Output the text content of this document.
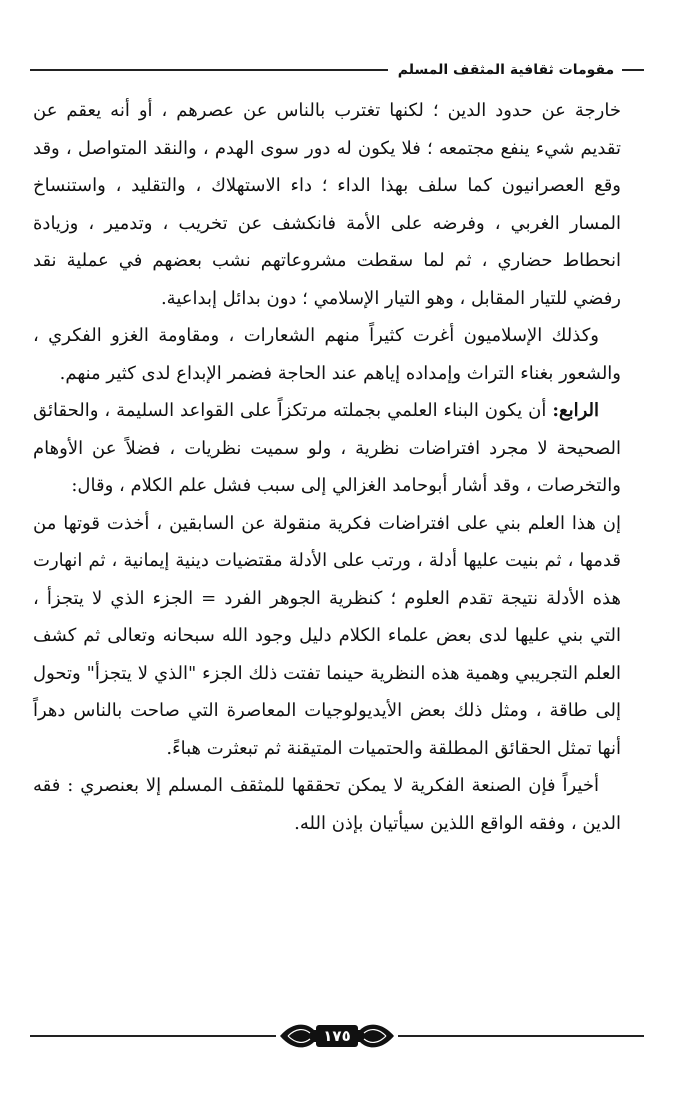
مقومات ثقافية المثقف المسلم

خارجة عن حدود الدين ؛ لكنها تغترب بالناس عن عصرهم ، أو أنه يعقم عن تقديم شيء ينفع مجتمعه ؛ فلا يكون له دور سوى الهدم ، والنقد المتواصل ، وقد وقع العصرانيون كما سلف بهذا الداء ؛ داء الاستهلاك ، والتقليد ، واستنساخ المسار الغربي ، وفرضه على الأمة فانكشف عن تخريب ، وتدمير ، وزيادة انحطاط حضاري ، ثم لما سقطت مشروعاتهم نشب بعضهم في عملية نقد رفضي للتيار المقابل ، وهو التيار الإسلامي ؛ دون بدائل إبداعية.

وكذلك الإسلاميون أغرت كثيراً منهم الشعارات ، ومقاومة الغزو الفكري ، والشعور بغناء التراث وإمداده إياهم عند الحاجة فضمر الإبداع لدى كثير منهم.

الرابع: أن يكون البناء العلمي بجملته مرتكزاً على القواعد السليمة ، والحقائق الصحيحة لا مجرد افتراضات نظرية ، ولو سميت نظريات ، فضلاً عن الأوهام والتخرصات ، وقد أشار أبوحامد الغزالي إلى سبب فشل علم الكلام ، وقال:

إن هذا العلم بني على افتراضات فكرية منقولة عن السابقين ، أخذت قوتها من قدمها ، ثم بنيت عليها أدلة ، ورتب على الأدلة مقتضيات دينية إيمانية ، ثم انهارت هذه الأدلة نتيجة تقدم العلوم ؛ كنظرية الجوهر الفرد = الجزء الذي لا يتجزأ ، التي بني عليها لدى بعض علماء الكلام دليل وجود الله سبحانه وتعالى ثم كشف العلم التجريبي وهمية هذه النظرية حينما تفتت ذلك الجزء "الذي لا يتجزأ" وتحول إلى طاقة ، ومثل ذلك بعض الأيديولوجيات المعاصرة التي صاحت بالناس دهراً أنها تمثل الحقائق المطلقة والحتميات المتيقنة ثم تبعثرت هباءً.

أخيراً فإن الصنعة الفكرية لا يمكن تحققها للمثقف المسلم إلا بعنصري : فقه الدين ، وفقه الواقع اللذين سيأتيان بإذن الله.

١٧٥
